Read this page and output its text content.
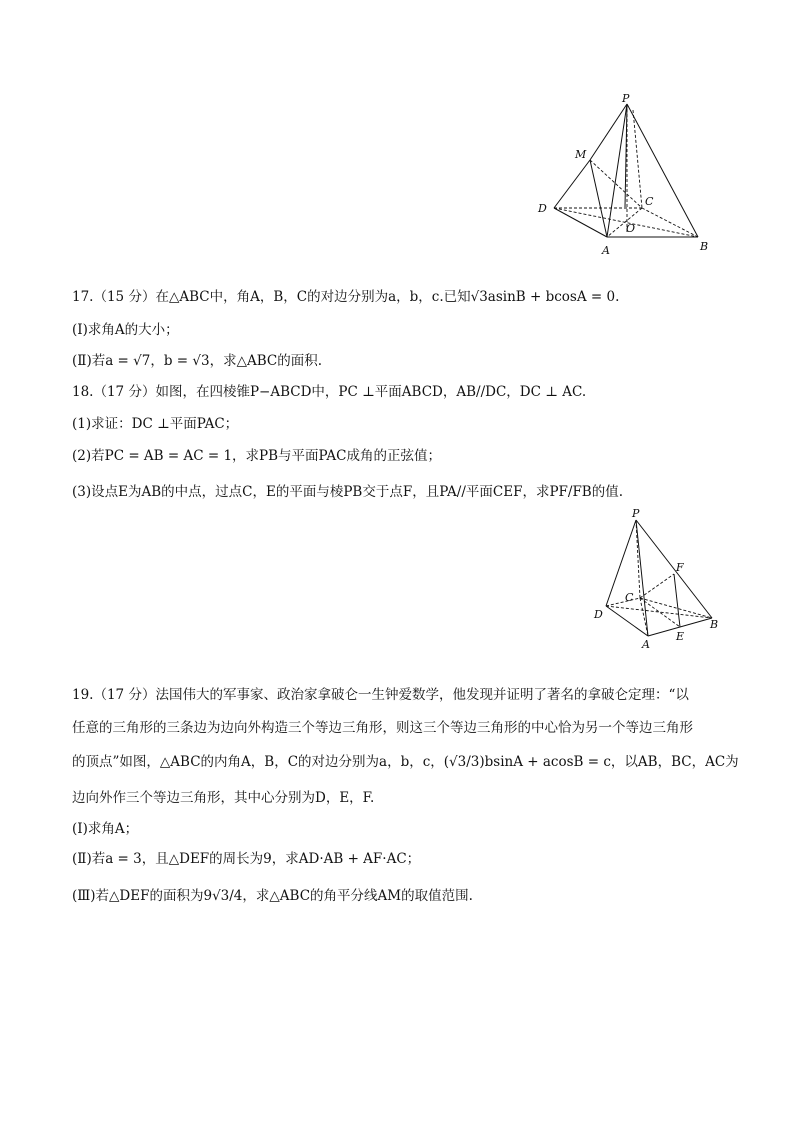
P
M
C
D
O
A	B
17.（15 分）在△ABC中，角A，B，C的对边分别为a，b，c.已知√3asinB + bcosA = 0.
(Ⅰ)求角A的大小；
(Ⅱ)若a = √7，b = √3，求△ABC的面积.
18.（17 分）如图，在四棱锥P−ABCD中，PC ⊥平面ABCD，AB//DC，DC ⊥ AC.
(1)求证：DC ⊥平面PAC；
(2)若PC = AB = AC = 1，求PB与平面PAC成角的正弦值；
(3)设点E为AB的中点，过点C，E的平面与棱PB交于点F，且PA//平面CEF，求PF/FB的值.
P
F
C
D
B
E
A
19.（17 分）法国伟大的军事家、政治家拿破仑一生钟爱数学，他发现并证明了著名的拿破仑定理：“以
任意的三角形的三条边为边向外构造三个等边三角形，则这三个等边三角形的中心恰为另一个等边三角形
的顶点”如图，△ABC的内角A，B，C的对边分别为a，b，c，(√3/3)bsinA + acosB = c，以AB，BC，AC为
边向外作三个等边三角形，其中心分别为D，E，F.
(Ⅰ)求角A；
(Ⅱ)若a = 3，且△DEF的周长为9，求AD·AB + AF·AC；
(Ⅲ)若△DEF的面积为9√3/4，求△ABC的角平分线AM的取值范围.
